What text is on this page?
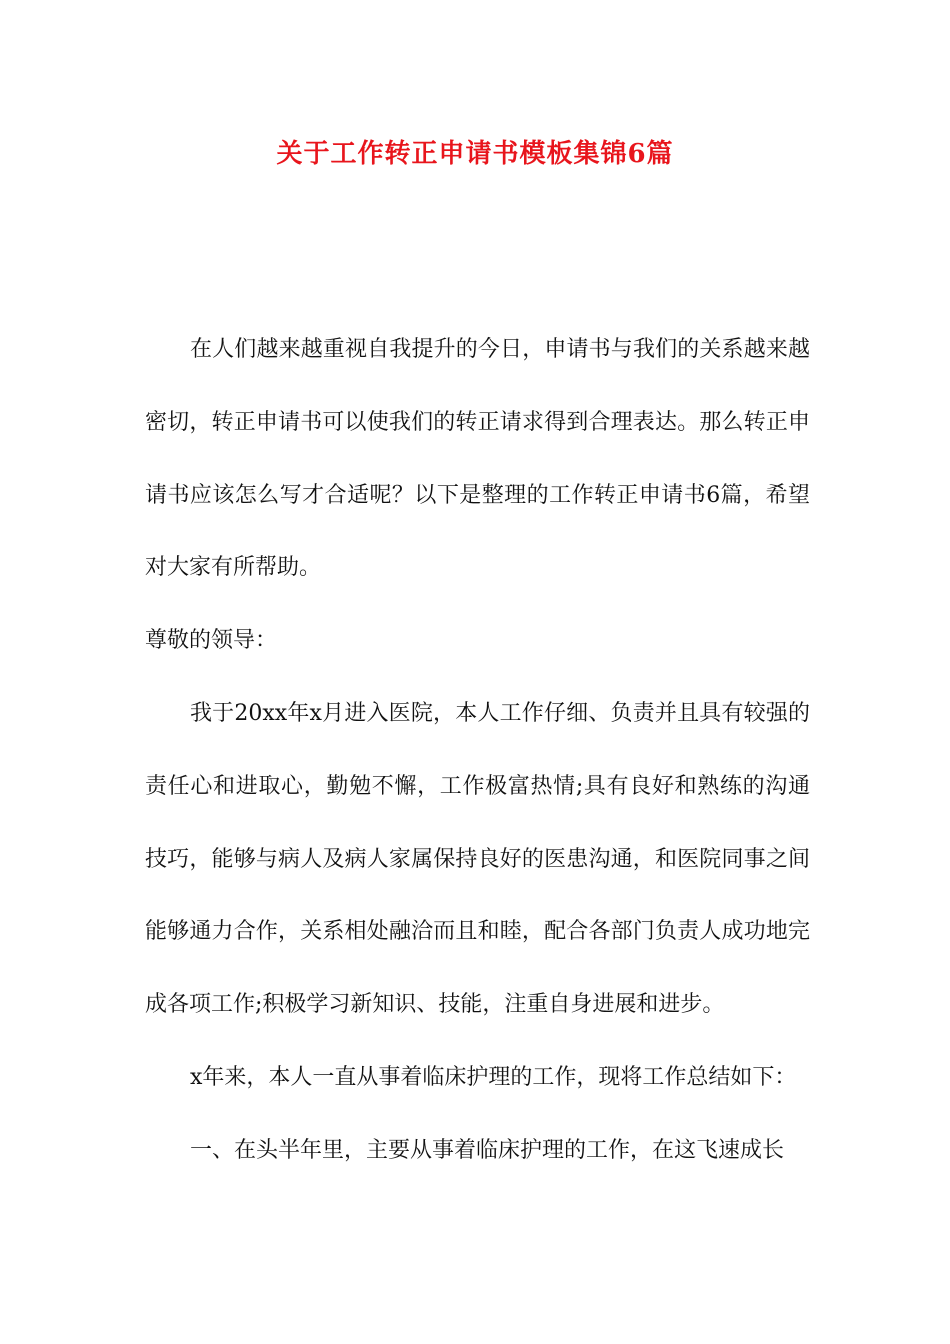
关于工作转正申请书模板集锦6篇

在人们越来越重视自我提升的今日，申请书与我们的关系越来越密切，转正申请书可以使我们的转正请求得到合理表达。那么转正申请书应该怎么写才合适呢？以下是整理的工作转正申请书6篇，希望对大家有所帮助。

尊敬的领导：

我于20xx年x月进入医院，本人工作仔细、负责并且具有较强的责任心和进取心，勤勉不懈，工作极富热情;具有良好和熟练的沟通技巧，能够与病人及病人家属保持良好的医患沟通，和医院同事之间能够通力合作，关系相处融洽而且和睦，配合各部门负责人成功地完成各项工作;积极学习新知识、技能，注重自身进展和进步。

x年来，本人一直从事着临床护理的工作，现将工作总结如下：

一、在头半年里，主要从事着临床护理的工作，在这飞速成长
